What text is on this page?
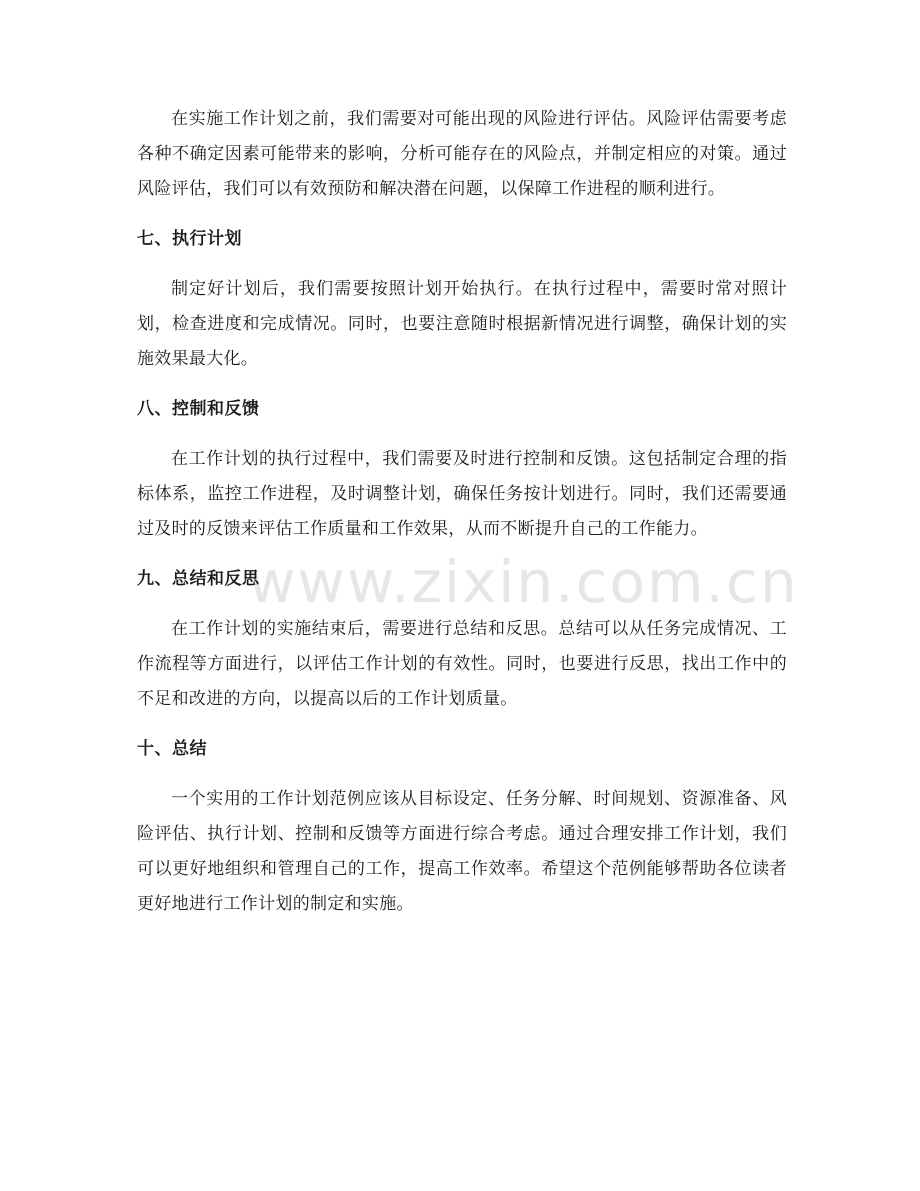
www.zixin.com.cn

在实施工作计划之前，我们需要对可能出现的风险进行评估。风险评估需要考虑各种不确定因素可能带来的影响，分析可能存在的风险点，并制定相应的对策。通过风险评估，我们可以有效预防和解决潜在问题，以保障工作进程的顺利进行。

七、执行计划

制定好计划后，我们需要按照计划开始执行。在执行过程中，需要时常对照计划，检查进度和完成情况。同时，也要注意随时根据新情况进行调整，确保计划的实施效果最大化。

八、控制和反馈

在工作计划的执行过程中，我们需要及时进行控制和反馈。这包括制定合理的指标体系，监控工作进程，及时调整计划，确保任务按计划进行。同时，我们还需要通过及时的反馈来评估工作质量和工作效果，从而不断提升自己的工作能力。

九、总结和反思

在工作计划的实施结束后，需要进行总结和反思。总结可以从任务完成情况、工作流程等方面进行，以评估工作计划的有效性。同时，也要进行反思，找出工作中的不足和改进的方向，以提高以后的工作计划质量。

十、总结

一个实用的工作计划范例应该从目标设定、任务分解、时间规划、资源准备、风险评估、执行计划、控制和反馈等方面进行综合考虑。通过合理安排工作计划，我们可以更好地组织和管理自己的工作，提高工作效率。希望这个范例能够帮助各位读者更好地进行工作计划的制定和实施。
